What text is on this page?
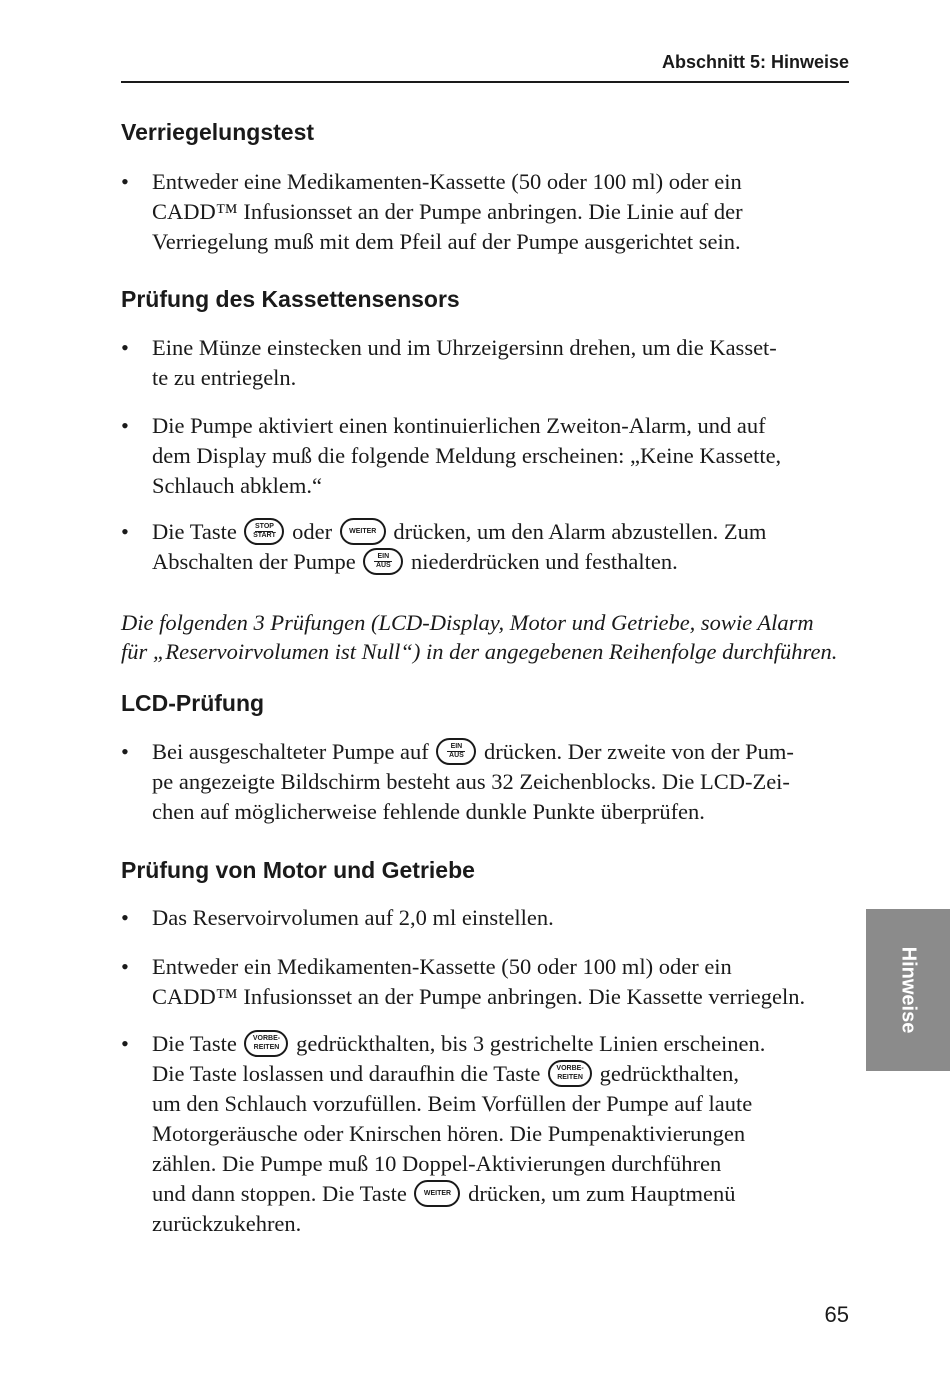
Abschnitt 5: Hinweise
Verriegelungstest
•	Entweder eine Medikamenten-Kassette (50 oder 100 ml) oder ein
CADD™ Infusionsset an der Pumpe anbringen. Die Linie auf der
Verriegelung muß mit dem Pfeil auf der Pumpe ausgerichtet sein.
Prüfung des Kassettensensors
•	Eine Münze einstecken und im Uhrzeigersinn drehen, um die Kasset-
te zu entriegeln.
•	Die Pumpe aktiviert einen kontinuierlichen Zweiton-Alarm, und auf
dem Display muß die folgende Meldung erscheinen: „Keine Kassette,
Schlauch abklem.“
•	Die Taste	STOP
START oder	WEITER drücken, um den Alarm abzustellen. Zum
Abschalten der Pumpe	EIN
AUS niederdrücken und festhalten.
Die folgenden 3 Prüfungen (LCD-Display, Motor und Getriebe, sowie Alarm
für „Reservoirvolumen ist Null“) in der angegebenen Reihenfolge durchführen.
LCD-Prüfung
•	Bei ausgeschalteter Pumpe auf	EIN
AUS drücken. Der zweite von der Pum-
pe angezeigte Bildschirm besteht aus 32 Zeichenblocks. Die LCD-Zei-
chen auf möglicherweise fehlende dunkle Punkte überprüfen.
Prüfung von Motor und Getriebe
•	Das Reservoirvolumen auf 2,0 ml einstellen.
•	Entweder ein Medikamenten-Kassette (50 oder 100 ml) oder ein
CADD™ Infusionsset an der Pumpe anbringen. Die Kassette verriegeln.
•	Die Taste	VORBE-
REITEN gedrückthalten, bis 3 gestrichelte Linien erscheinen.
Die Taste loslassen und daraufhin die Taste	VORBE-
REITEN gedrückthalten,
um den Schlauch vorzufüllen. Beim Vorfüllen der Pumpe auf laute
Motorgeräusche oder Knirschen hören. Die Pumpenaktivierungen
zählen. Die Pumpe muß 10 Doppel-Aktivierungen durchführen
und dann stoppen. Die Taste	WEITER drücken, um zum Hauptmenü
zurückzukehren.
Hinweise
65
